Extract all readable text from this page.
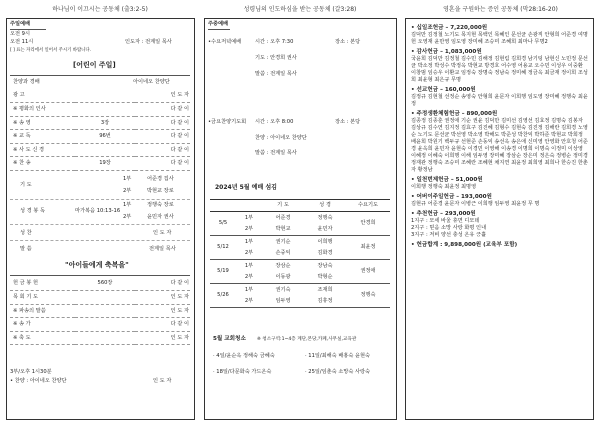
하나님이 이끄시는 공동체 (출3:2-5)	성령님의 인도하심을 받는 공동체 (갈3:28)	영혼을 구원하는 증인 공동체 (막28:16-20)
주일예배
오전 9시
오전 11시	인도자 : 전계일 목사
[ ] 표는 자리에서 일어서 주시기 바랍니다.
[어린이 주일]
찬양과 경배	아이네오 찬양단
광 고		인 도 자
※ 평화의 인사		다 같 이
※ 송 영	3장	다 같 이
※ 교 독	96번	다 같 이
※ 사 도 신 경		다 같 이
※ 찬 송	19장	다 같 이
기 도
1부	어준경 집사
2부	박현교 장로
성 경 봉 독	마가복음 10:13-16
1부	정행숙 장로
2부	윤민자 권사
성 찬	인 도 자
말 씀	전계일 목사
"아이들에게 축복을"
헌 금 봉 헌	560장	다 같 이
목 회 기 도		인 도 자
※ 파송의 말씀		인 도 자
※ 송 가		다 같 이
※ 축 도		인 도 자
3부/오후 1시30분
• 찬양 : 아이네오 찬양단	인 도 자
주중예배
•수요저녁예배	시간 : 오후 7:30	장소 : 본당
기도 : 안경희 권사
말씀 : 전계일 목사
•금요찬양기도회 시간 : 오후 8:00	장소 : 본당
찬양 : 아이네오 찬양단
말씀 : 전계일 목사
2024년 5월 예배 섬김
		기 도	성 경	수요기도
5/5	1부	어준경	정행숙	안경희
	2부	박현교	윤민자	
5/12	1부	권기순	이희행	최윤정
	2부	손중익	김화경	
5/19	1부	장삼순	장남숙	권정애
	2부	이동광	박형순	
5/26	1부	권기숙	조재희	정행숙
	2부	임두영	김휴정	
5월 교회청소 ※ 청소구역:1~4층 계단,본당,카페,사무실,교육관
· 4일/윤순옥 정해숙 금혜숙	· 11일/최해숙 배홍숙 윤현숙
· 18일/다문화숙 가드온숙	· 25일/임춘숙 소망숙 사랑숙
• 십일조헌금 – 7,220,000원
김덕만 김정철 노기도 목지현 목백인 목혜인 문선균 손광직 안형희 어준경 여명헌 오영재 윤만영 임도영 장미혜 조승미 조혜희 최마나 무명2
• 감사헌금 – 1,083,000원
국윤희 김덕만 김정철 김수민 김해정 김현림 김희경 남기팅 남현신 노민정 문선균 박소정 박성수 박정옥 박현교 방경호 어수영 어용교 오수민 이성우 이중환 이창범 임승우 이환교 임정숙 장명숙 정남숙 정미혜 정금옥 최금재 정이희 조성희 최윤형 최은규 무명
• 선교헌금 – 160,000원
김정규 김현철 선정순 송영숙 안형희 윤문자 이희행 임도영 장미혜 정행숙 최윤정
• 주정생환체험헌금 – 890,000원
김종정 김종훈 권정애 기순 권윤 김덕만 김미선 김영선 김효정 김명숙 김봉자 김상규 김수연 김지정 김효구 김진혜 김형수 김현숙 김진정 김해란 김희경 노영순 노기도 문선균 박선영 박소영 박해도 박준성 박찬익 박하준 박현교 박희정 배윤희 박원기 백두규 선현준 손동익 송선옥 송은애 신미영 안영화 안호청 어준경 윤옥희 윤민자 윤현숙 이경민 이영해 이송경 이명희 이명숙 이정미 이상영 이혜정 이혜숙 이희행 이해 임두영 장미혜 장삼순 장은미 정은숙 정병순 정미경 정재관 정행숙 조승미 조혜란 조혜현 채지연 최윤정 최희영 최희나 한승진 한춘자 황정남
• 일천번제헌금 – 51,000원
이희행 정행숙 최윤정 최명영
• 어버이주일헌금 – 193,000원
김현규 어준경 윤문자 이병근 이희행 임두영 최윤정 무 명
• 추천헌금 – 293,000원
1지구 : 모세 바울 휴면 디모데
2지구 : 믿음 소망 사랑 화평 인내
3지구 : 저비 양선 충성 온유 긍휼
• 헌금합계 : 9,898,000원 (교육부 포함)
